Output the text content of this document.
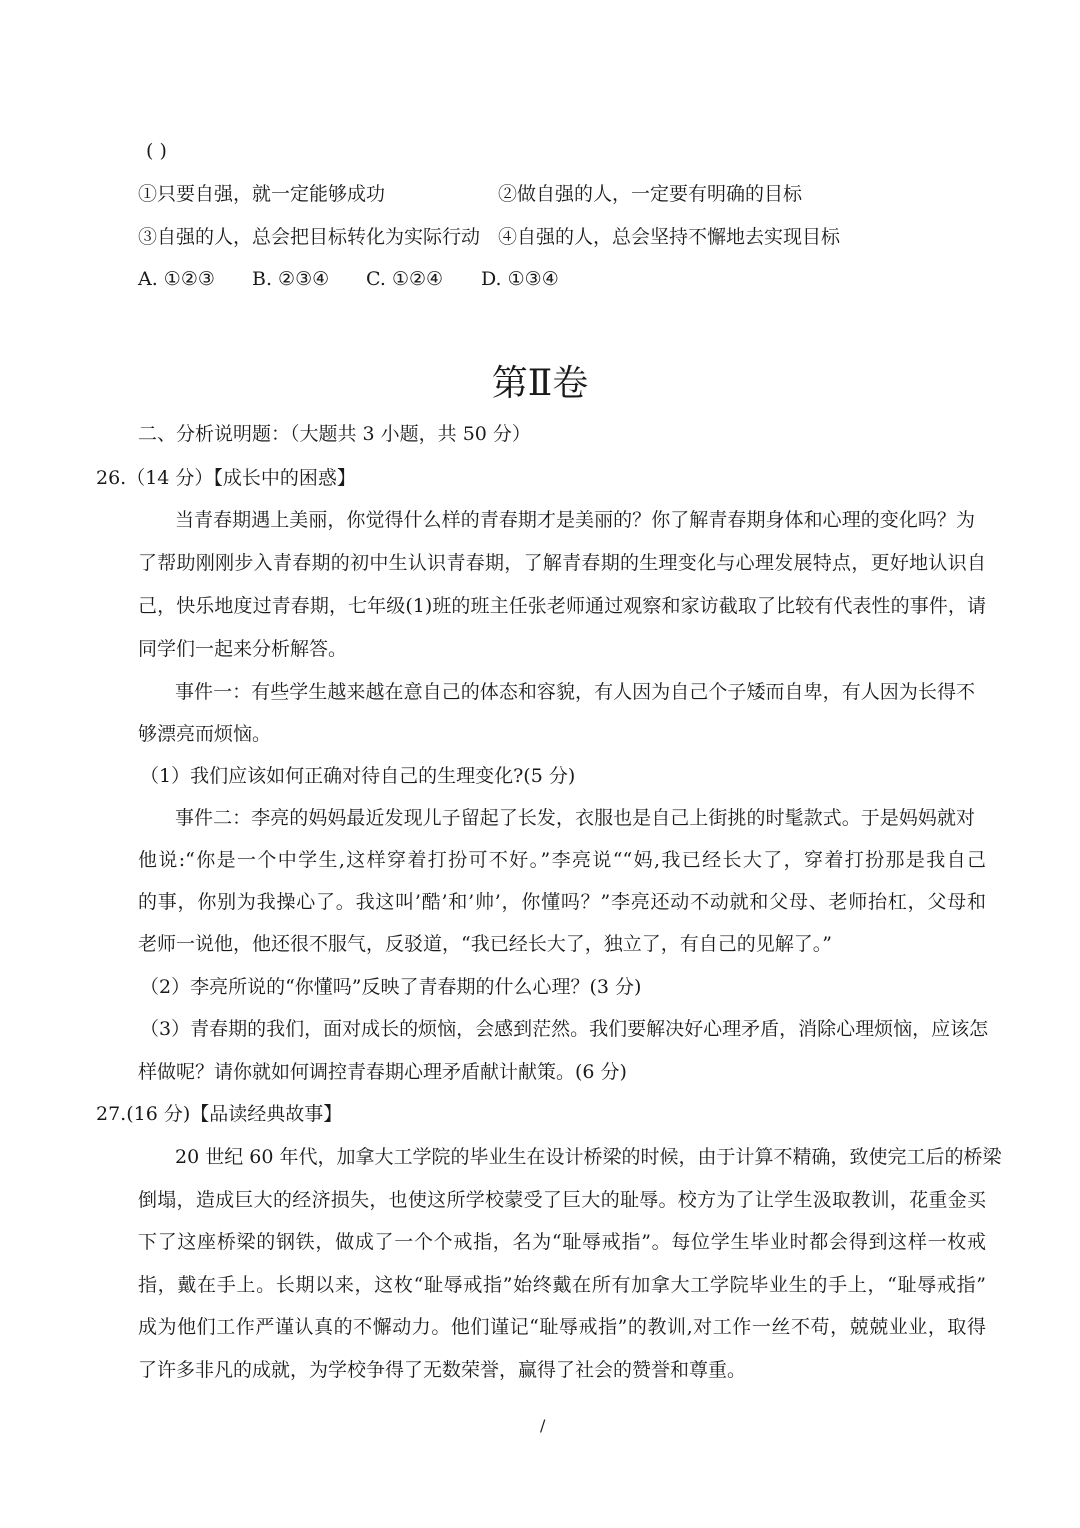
( )
①只要自强，就一定能够成功	②做自强的人，一定要有明确的目标
③自强的人，总会把目标转化为实际行动 ④自强的人，总会坚持不懈地去实现目标
A. ①②③ B. ②③④ C. ①②④ D. ①③④
第Ⅱ卷
二、分析说明题：（大题共 3 小题，共 50 分）
26.（14 分）【成长中的困惑】
当青春期遇上美丽，你觉得什么样的青春期才是美丽的？你了解青春期身体和心理的变化吗？为
了帮助刚刚步入青春期的初中生认识青春期，了解青春期的生理变化与心理发展特点，更好地认识自
己，快乐地度过青春期，七年级(1)班的班主任张老师通过观察和家访截取了比较有代表性的事件，请
同学们一起来分析解答。
事件一：有些学生越来越在意自己的体态和容貌，有人因为自己个子矮而自卑，有人因为长得不
够漂亮而烦恼。
（1）我们应该如何正确对待自己的生理变化?(5 分)
事件二：李亮的妈妈最近发现儿子留起了长发，衣服也是自己上街挑的时髦款式。于是妈妈就对
他说:“你是一个中学生,这样穿着打扮可不好。”李亮说““妈,我已经长大了，穿着打扮那是我自己
的事，你别为我操心了。我这叫’酷’和’帅’，你懂吗？”李亮还动不动就和父母、老师抬杠，父母和
老师一说他，他还很不服气，反驳道，“我已经长大了，独立了，有自己的见解了。”
（2）李亮所说的“你懂吗”反映了青春期的什么心理？(3 分)
（3）青春期的我们，面对成长的烦恼，会感到茫然。我们要解决好心理矛盾，消除心理烦恼，应该怎
样做呢？请你就如何调控青春期心理矛盾献计献策。(6 分)
27.(16 分)【品读经典故事】
20 世纪 60 年代，加拿大工学院的毕业生在设计桥梁的时候，由于计算不精确，致使完工后的桥梁
倒塌，造成巨大的经济损失，也使这所学校蒙受了巨大的耻辱。校方为了让学生汲取教训，花重金买
下了这座桥梁的钢铁，做成了一个个戒指，名为“耻辱戒指”。每位学生毕业时都会得到这样一枚戒
指，戴在手上。长期以来，这枚“耻辱戒指”始终戴在所有加拿大工学院毕业生的手上，“耻辱戒指”
成为他们工作严谨认真的不懈动力。他们谨记“耻辱戒指”的教训,对工作一丝不苟，兢兢业业，取得
了许多非凡的成就，为学校争得了无数荣誉，赢得了社会的赞誉和尊重。
/
